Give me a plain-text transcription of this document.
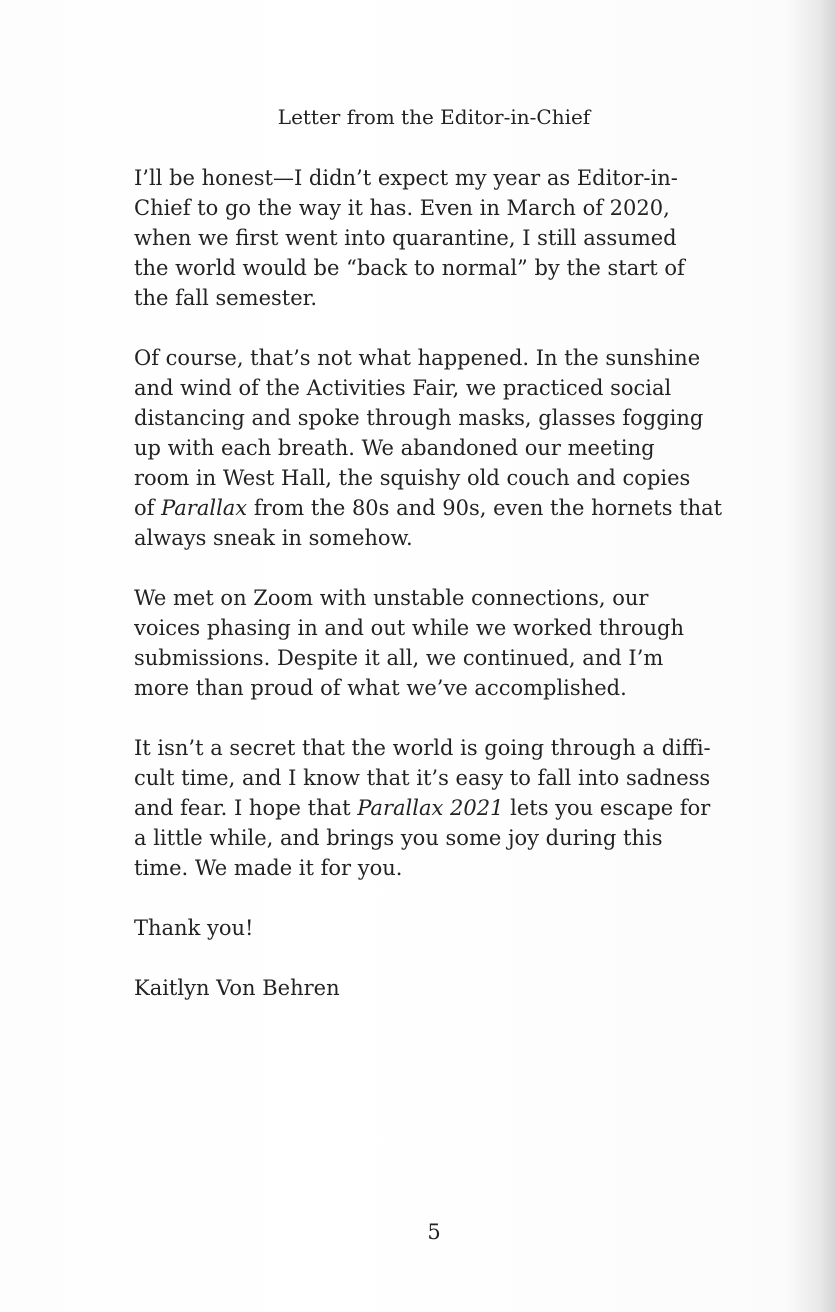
Letter from the Editor-in-Chief

I’ll be honest—I didn’t expect my year as Editor-in-
Chief to go the way it has. Even in March of 2020,
when we first went into quarantine, I still assumed
the world would be “back to normal” by the start of
the fall semester.

Of course, that’s not what happened. In the sunshine
and wind of the Activities Fair, we practiced social
distancing and spoke through masks, glasses fogging
up with each breath. We abandoned our meeting
room in West Hall, the squishy old couch and copies
of Parallax from the 80s and 90s, even the hornets that
always sneak in somehow.

We met on Zoom with unstable connections, our
voices phasing in and out while we worked through
submissions. Despite it all, we continued, and I’m
more than proud of what we’ve accomplished.

It isn’t a secret that the world is going through a diffi-
cult time, and I know that it’s easy to fall into sadness
and fear. I hope that Parallax 2021 lets you escape for
a little while, and brings you some joy during this
time. We made it for you.

Thank you!

Kaitlyn Von Behren

5
